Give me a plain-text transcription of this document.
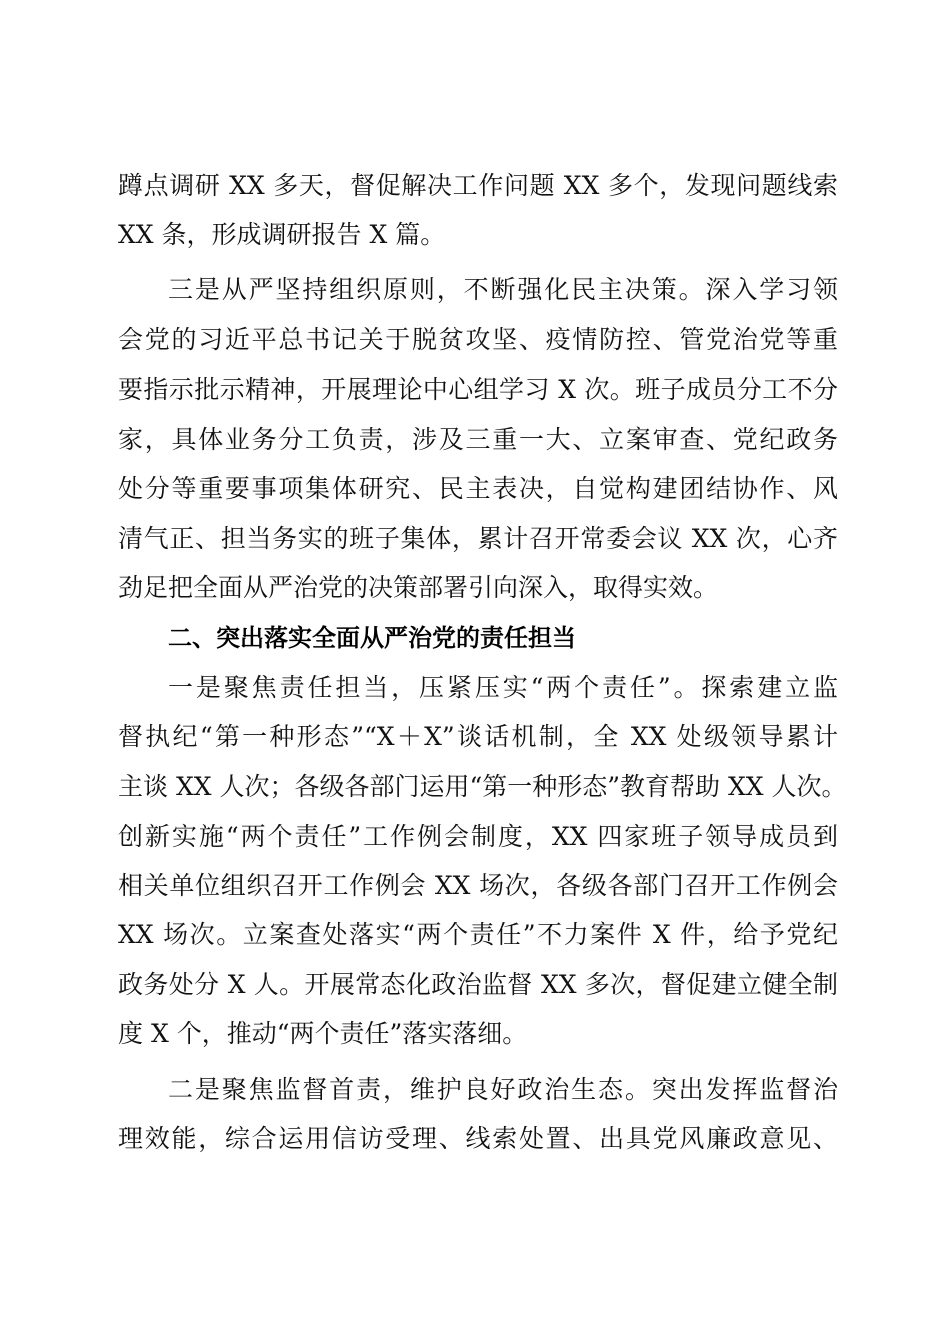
蹲点调研 XX 多天，督促解决工作问题 XX 多个，发现问题线索

XX 条，形成调研报告 X 篇。

三是从严坚持组织原则，不断强化民主决策。深入学习领

会党的习近平总书记关于脱贫攻坚、疫情防控、管党治党等重

要指示批示精神，开展理论中心组学习 X 次。班子成员分工不分

家，具体业务分工负责，涉及三重一大、立案审查、党纪政务

处分等重要事项集体研究、民主表决，自觉构建团结协作、风

清气正、担当务实的班子集体，累计召开常委会议 XX 次，心齐

劲足把全面从严治党的决策部署引向深入，取得实效。

二、突出落实全面从严治党的责任担当

一是聚焦责任担当，压紧压实“两个责任”。探索建立监

督执纪“第一种形态”“X＋X”谈话机制，全 XX 处级领导累计

主谈 XX 人次；各级各部门运用“第一种形态”教育帮助 XX 人次。

创新实施“两个责任”工作例会制度，XX 四家班子领导成员到

相关单位组织召开工作例会 XX 场次，各级各部门召开工作例会

XX 场次。立案查处落实“两个责任”不力案件 X 件，给予党纪

政务处分 X 人。开展常态化政治监督 XX 多次，督促建立健全制

度 X 个，推动“两个责任”落实落细。

二是聚焦监督首责，维护良好政治生态。突出发挥监督治

理效能，综合运用信访受理、线索处置、出具党风廉政意见、
